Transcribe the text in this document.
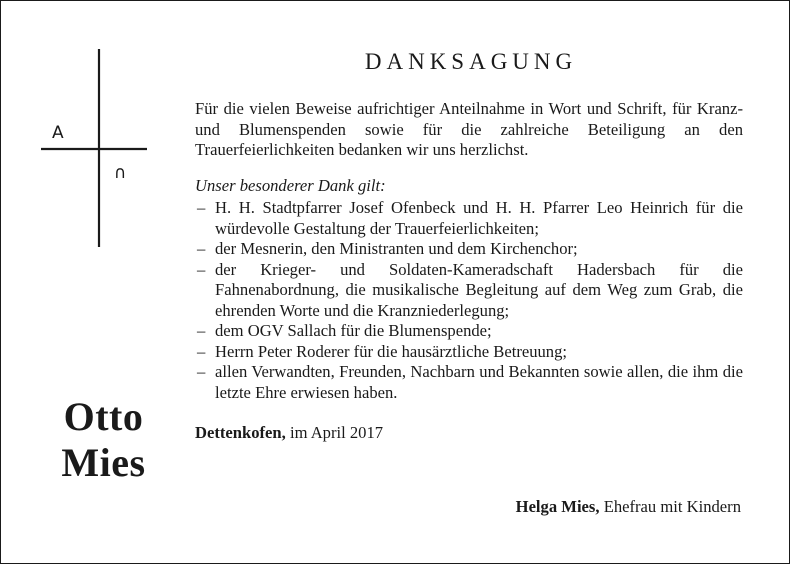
A
∩
Otto
Mies
DANKSAGUNG

Für die vielen Beweise aufrichtiger Anteilnahme in Wort und Schrift, für Kranz- und Blumenspenden sowie für die zahlreiche Beteiligung an den Trauerfeierlichkeiten bedanken wir uns herzlichst.

Unser besonderer Dank gilt:
– H. H. Stadtpfarrer Josef Ofenbeck und H. H. Pfarrer Leo Heinrich für die würdevolle Gestaltung der Trauerfeierlichkeiten;
– der Mesnerin, den Ministranten und dem Kirchenchor;
– der Krieger- und Soldaten-Kameradschaft Hadersbach für die Fahnenabordnung, die musikalische Begleitung auf dem Weg zum Grab, die ehrenden Worte und die Kranzniederlegung;
– dem OGV Sallach für die Blumenspende;
– Herrn Peter Roderer für die hausärztliche Betreuung;
– allen Verwandten, Freunden, Nachbarn und Bekannten sowie allen, die ihm die letzte Ehre erwiesen haben.
Dettenkofen, im April 2017
Helga Mies, Ehefrau mit Kindern
